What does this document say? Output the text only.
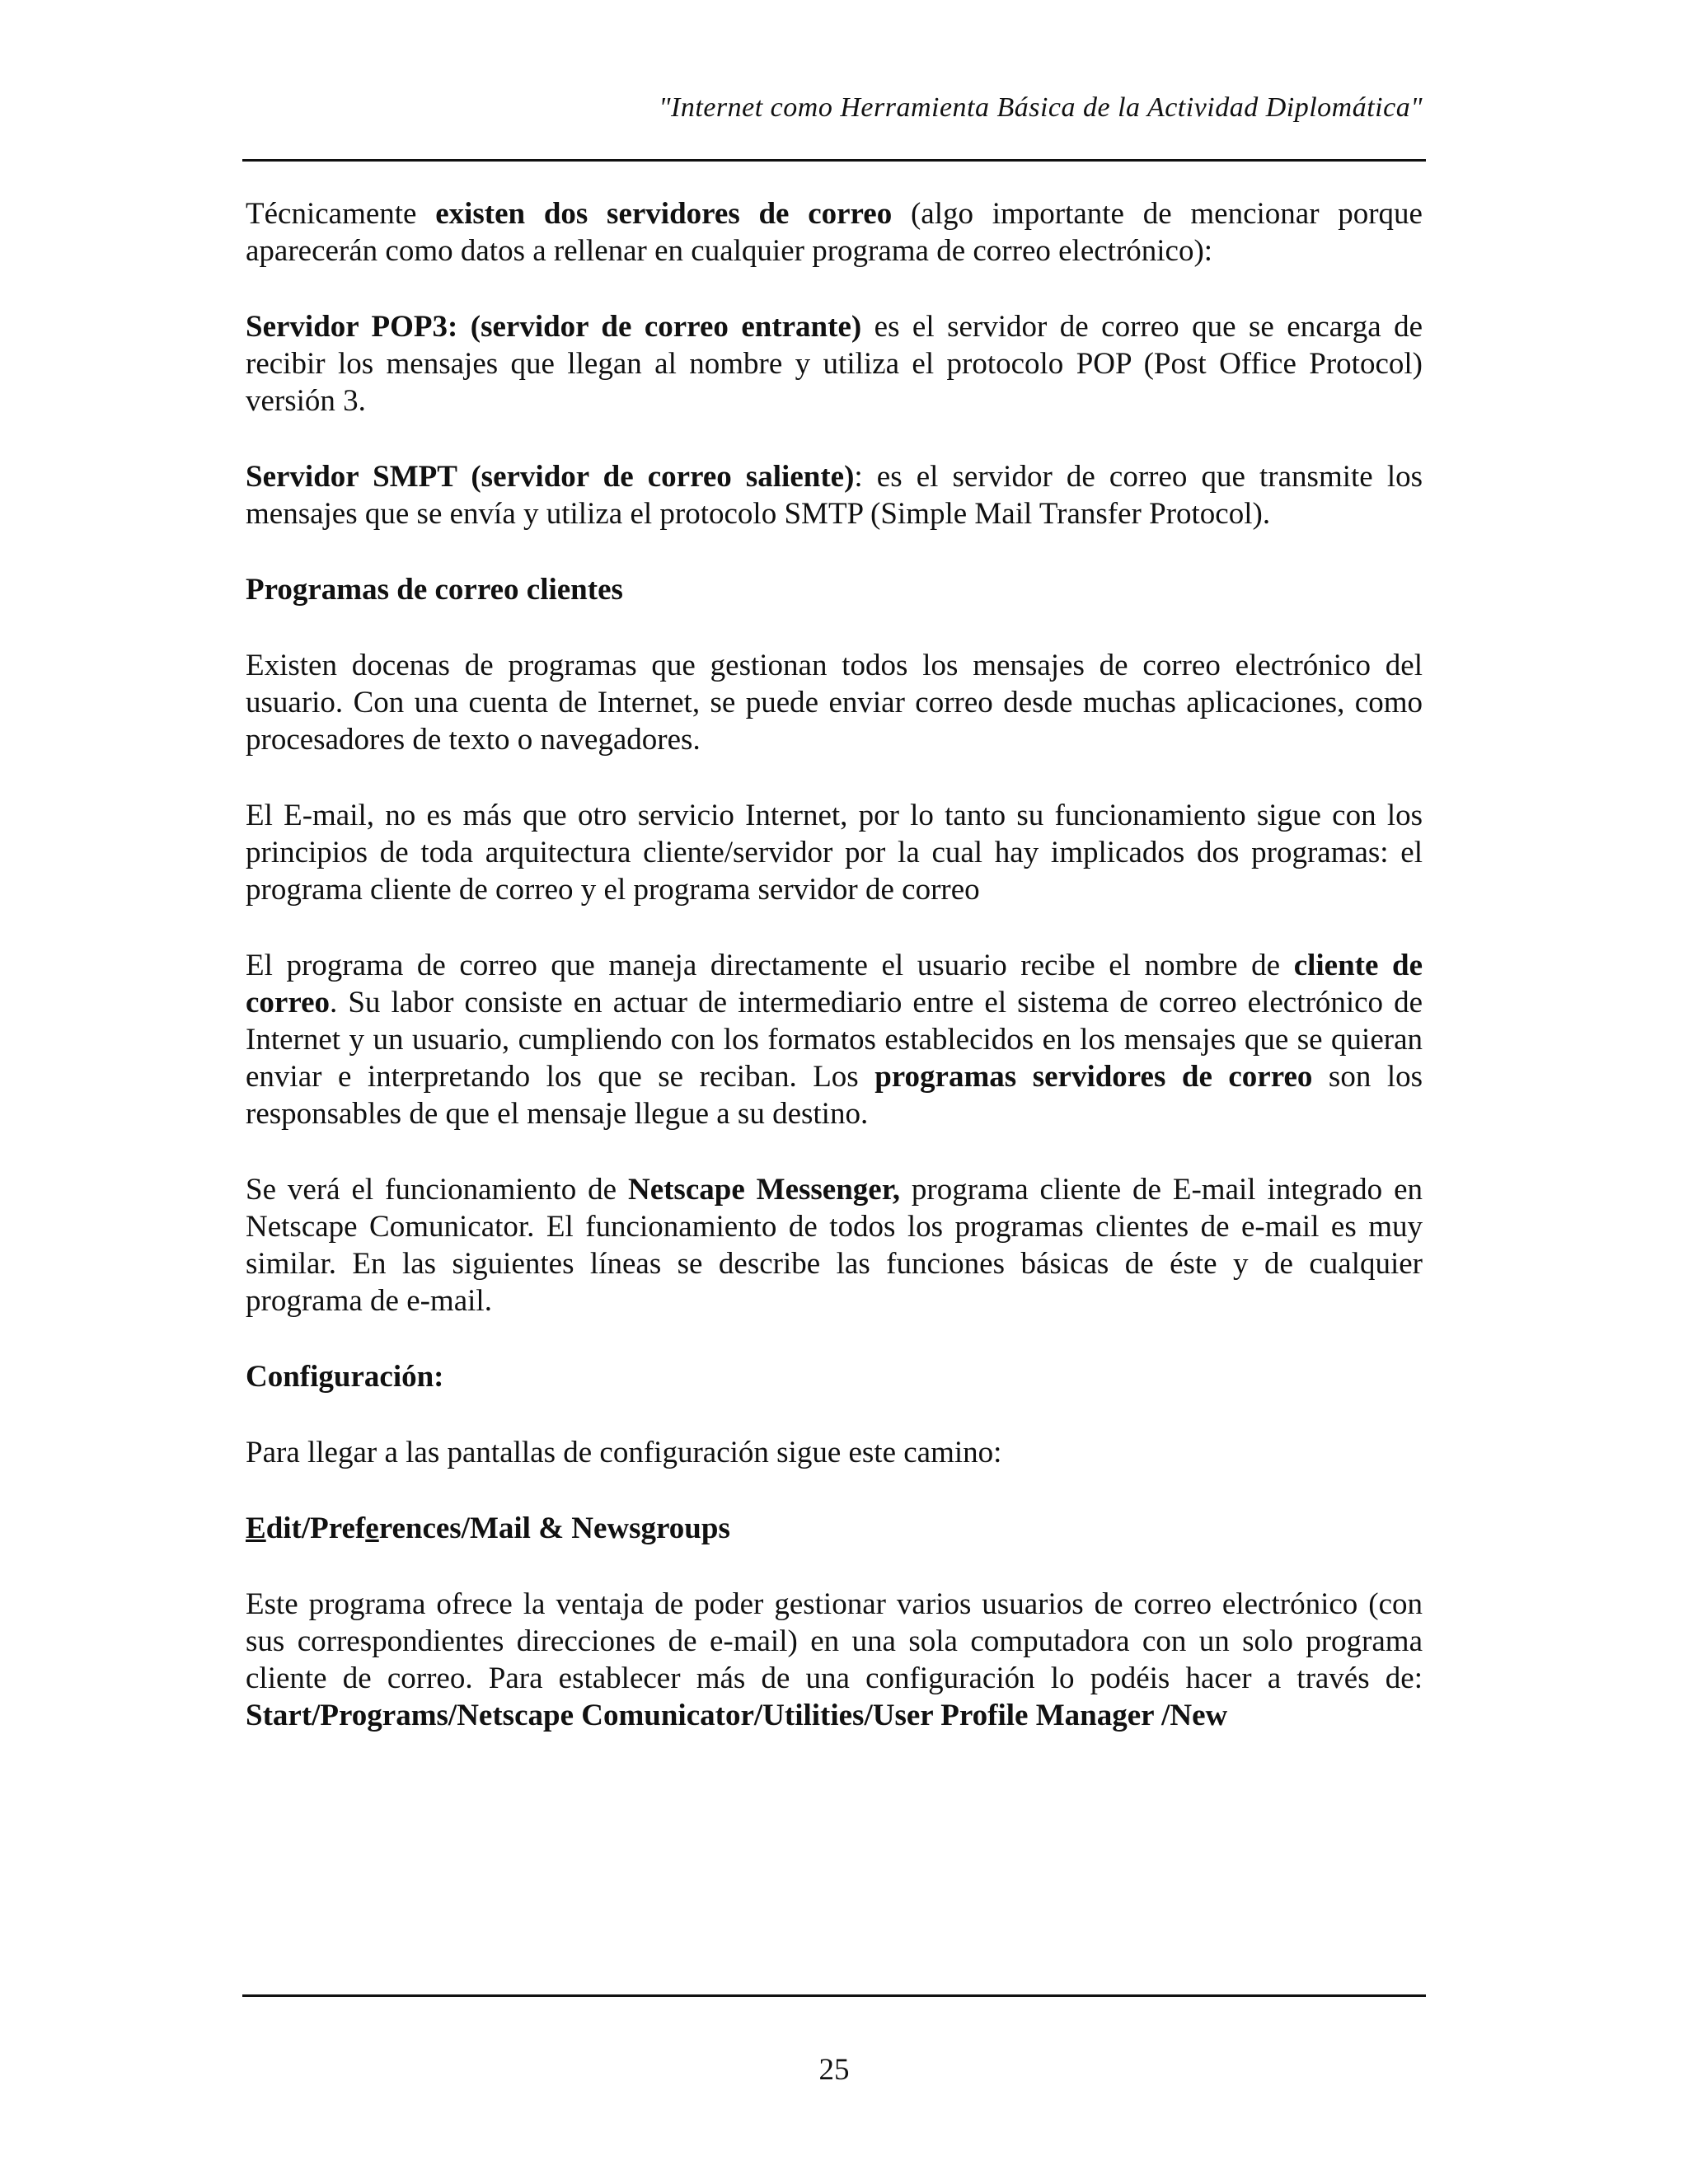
"Internet como Herramienta Básica de la Actividad Diplomática"

Técnicamente existen dos servidores de correo (algo importante de mencionar porque aparecerán como datos a rellenar en cualquier programa de correo electrónico):

Servidor POP3: (servidor de correo entrante) es el servidor de correo que se encarga de recibir los mensajes que llegan al nombre y utiliza el protocolo POP (Post Office Protocol) versión 3.

Servidor SMPT (servidor de correo saliente): es el servidor de correo que transmite los mensajes que se envía y utiliza el protocolo SMTP (Simple Mail Transfer Protocol).

Programas de correo clientes

Existen docenas de programas que gestionan todos los mensajes de correo electrónico del usuario. Con una cuenta de Internet, se puede enviar correo desde muchas aplicaciones, como procesadores de texto o navegadores.

El E-mail, no es más que otro servicio Internet, por lo tanto su funcionamiento sigue con los principios de toda arquitectura cliente/servidor por la cual hay implicados dos programas: el programa cliente de correo y el programa servidor de correo

El programa de correo que maneja directamente el usuario recibe el nombre de cliente de correo. Su labor consiste en actuar de intermediario entre el sistema de correo electrónico de Internet y un usuario, cumpliendo con los formatos establecidos en los mensajes que se quieran enviar e interpretando los que se reciban. Los programas servidores de correo son los responsables de que el mensaje llegue a su destino.

Se verá el funcionamiento de Netscape Messenger, programa cliente de E-mail integrado en Netscape Comunicator. El funcionamiento de todos los programas clientes de e-mail es muy similar. En las siguientes líneas se describe las funciones básicas de éste y de cualquier programa de e-mail.

Configuración:

Para llegar a las pantallas de configuración sigue este camino:

Edit/Preferences/Mail & Newsgroups

Este programa ofrece la ventaja de poder gestionar varios usuarios de correo electrónico (con sus correspondientes direcciones de e-mail) en una sola computadora con un solo programa cliente de correo. Para establecer más de una configuración lo podéis hacer a través de: Start/Programs/Netscape Comunicator/Utilities/User Profile Manager /New

25
